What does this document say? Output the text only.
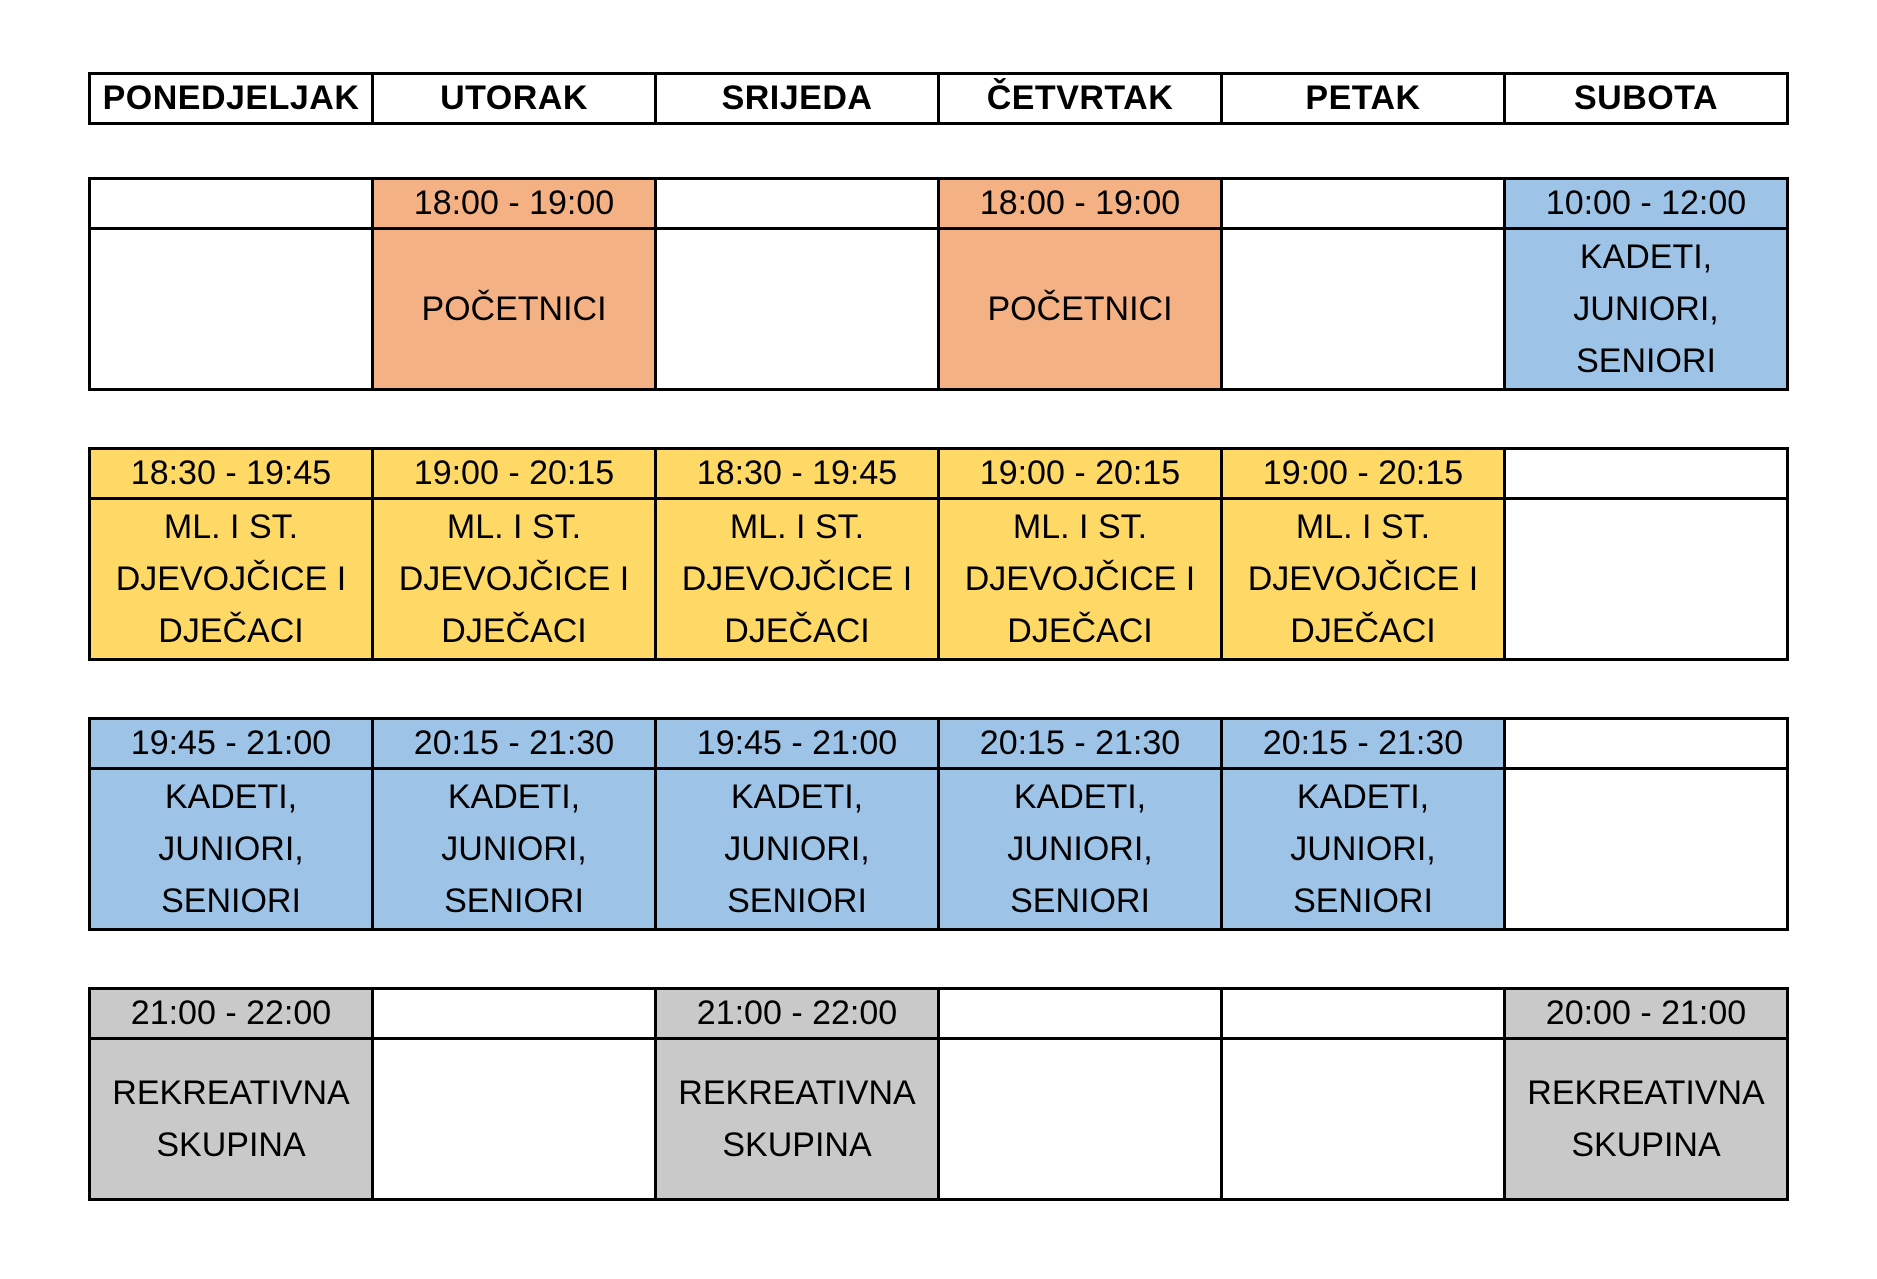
PONEDJELJAK	UTORAK	SRIJEDA	ČETVRTAK	PETAK	SUBOTA
	18:00 - 19:00		18:00 - 19:00		10:00 - 12:00

	POČETNICI		POČETNICI		KADETI,
JUNIORI,
SENIORI
18:30 - 19:45	19:00 - 20:15	18:30 - 19:45	19:00 - 20:15	19:00 - 20:15	

ML. I ST.
DJEVOJČICE I
DJEČACI	ML. I ST.
DJEVOJČICE I
DJEČACI	ML. I ST.
DJEVOJČICE I
DJEČACI	ML. I ST.
DJEVOJČICE I
DJEČACI	ML. I ST.
DJEVOJČICE I
DJEČACI	

19:45 - 21:00	20:15 - 21:30	19:45 - 21:00	20:15 - 21:30	20:15 - 21:30	

KADETI,
JUNIORI,
SENIORI	KADETI,
JUNIORI,
SENIORI	KADETI,
JUNIORI,
SENIORI	KADETI,
JUNIORI,
SENIORI	KADETI,
JUNIORI,
SENIORI	

21:00 - 22:00		21:00 - 22:00			20:00 - 21:00

REKREATIVNA
SKUPINA		REKREATIVNA
SKUPINA			REKREATIVNA
SKUPINA
